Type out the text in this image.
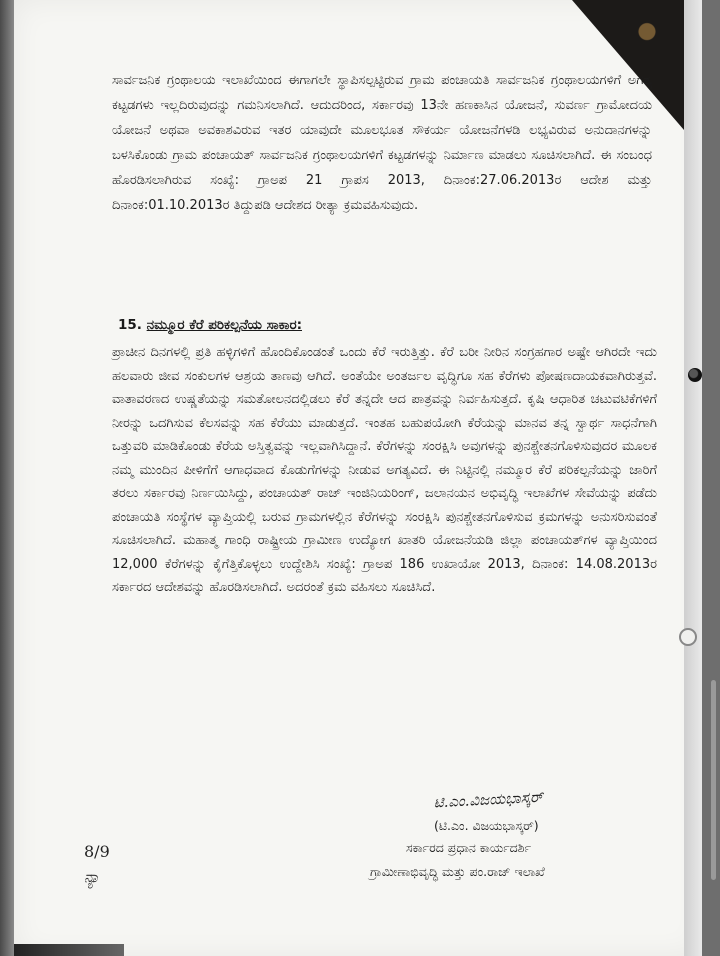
ಸಾರ್ವಜನಿಕ ಗ್ರಂಥಾಲಯ ಇಲಾಖೆಯಿಂದ ಈಗಾಗಲೇ ಸ್ಥಾಪಿಸಲ್ಪಟ್ಟಿರುವ ಗ್ರಾಮ ಪಂಚಾಯತಿ ಸಾರ್ವಜನಿಕ ಗ್ರಂಥಾಲಯಗಳಿಗೆ ಅಗತ್ಯ ಕಟ್ಟಡಗಳು ಇಲ್ಲದಿರುವುದನ್ನು ಗಮನಿಸಲಾಗಿದೆ. ಆದುದರಿಂದ, ಸರ್ಕಾರವು 13ನೇ ಹಣಕಾಸಿನ ಯೋಜನೆ, ಸುವರ್ಣ ಗ್ರಾಮೋದಯ ಯೋಜನೆ ಅಥವಾ ಅವಕಾಶವಿರುವ ಇತರ ಯಾವುದೇ ಮೂಲಭೂತ ಸೌಕರ್ಯ ಯೋಜನೆಗಳಡಿ ಲಭ್ಯವಿರುವ ಅನುದಾನಗಳನ್ನು ಬಳಸಿಕೊಂಡು ಗ್ರಾಮ ಪಂಚಾಯತ್ ಸಾರ್ವಜನಿಕ ಗ್ರಂಥಾಲಯಗಳಿಗೆ ಕಟ್ಟಡಗಳನ್ನು ನಿರ್ಮಾಣ ಮಾಡಲು ಸೂಚಿಸಲಾಗಿದೆ. ಈ ಸಂಬಂಧ ಹೊರಡಿಸಲಾಗಿರುವ ಸಂಖ್ಯೆ: ಗ್ರಾಅಪ 21 ಗ್ರಾಪಸ 2013, ದಿನಾಂಕ:27.06.2013ರ ಆದೇಶ ಮತ್ತು ದಿನಾಂಕ:01.10.2013ರ ತಿದ್ದುಪಡಿ ಆದೇಶದ ರೀತ್ಯಾ ಕ್ರಮವಹಿಸುವುದು.

15. ನಮ್ಮೂರ ಕೆರೆ ಪರಿಕಲ್ಪನೆಯ ಸಾಕಾರ:

ಪ್ರಾಚೀನ ದಿನಗಳಲ್ಲಿ ಪ್ರತಿ ಹಳ್ಳಿಗಳಿಗೆ ಹೊಂದಿಕೊಂಡಂತೆ ಒಂದು ಕೆರೆ ಇರುತ್ತಿತ್ತು. ಕೆರೆ ಬರೀ ನೀರಿನ ಸಂಗ್ರಹಗಾರ ಅಷ್ಟೇ ಆಗಿರದೇ ಇದು ಹಲವಾರು ಜೀವ ಸಂಕುಲಗಳ ಆಶ್ರಯ ತಾಣವು ಆಗಿದೆ. ಅಂತೆಯೇ ಅಂತರ್ಜಲ ವೃದ್ಧಿಗೂ ಸಹ ಕೆರೆಗಳು ಪೋಷಣದಾಯಕವಾಗಿರುತ್ತವೆ. ವಾತಾವರಣದ ಉಷ್ಣತೆಯನ್ನು ಸಮತೋಲನದಲ್ಲಿಡಲು ಕೆರೆ ತನ್ನದೇ ಆದ ಪಾತ್ರವನ್ನು ನಿರ್ವಹಿಸುತ್ತದೆ. ಕೃಷಿ ಆಧಾರಿತ ಚಟುವಟಿಕೆಗಳಿಗೆ ನೀರನ್ನು ಒದಗಿಸುವ ಕೆಲಸವನ್ನು ಸಹ ಕೆರೆಯು ಮಾಡುತ್ತದೆ. ಇಂತಹ ಬಹುಪಯೋಗಿ ಕೆರೆಯನ್ನು ಮಾನವ ತನ್ನ ಸ್ವಾರ್ಥ ಸಾಧನೆಗಾಗಿ ಒತ್ತುವರಿ ಮಾಡಿಕೊಂಡು ಕೆರೆಯ ಅಸ್ತಿತ್ವವನ್ನು ಇಲ್ಲವಾಗಿಸಿದ್ದಾನೆ. ಕೆರೆಗಳನ್ನು ಸಂರಕ್ಷಿಸಿ ಅವುಗಳನ್ನು ಪುನಶ್ಚೇತನಗೊಳಿಸುವುದರ ಮೂಲಕ ನಮ್ಮ ಮುಂದಿನ ಪೀಳಿಗೆಗೆ ಆಗಾಧವಾದ ಕೊಡುಗೆಗಳನ್ನು ನೀಡುವ ಅಗತ್ಯವಿದೆ. ಈ ನಿಟ್ಟಿನಲ್ಲಿ ನಮ್ಮೂರ ಕೆರೆ ಪರಿಕಲ್ಪನೆಯನ್ನು ಜಾರಿಗೆ ತರಲು ಸರ್ಕಾರವು ನಿರ್ಣಯಿಸಿದ್ದು, ಪಂಚಾಯತ್ ರಾಜ್ ಇಂಜಿನಿಯರಿಂಗ್, ಜಲಾನಯನ ಅಭಿವೃದ್ಧಿ ಇಲಾಖೆಗಳ ಸೇವೆಯನ್ನು ಪಡೆದು ಪಂಚಾಯತಿ ಸಂಸ್ಥೆಗಳ ವ್ಯಾಪ್ತಿಯಲ್ಲಿ ಬರುವ ಗ್ರಾಮಗಳಲ್ಲಿನ ಕೆರೆಗಳನ್ನು ಸಂರಕ್ಷಿಸಿ ಪುನಶ್ಚೇತನಗೊಳಿಸುವ ಕ್ರಮಗಳನ್ನು ಅನುಸರಿಸುವಂತೆ ಸೂಚಿಸಲಾಗಿದೆ. ಮಹಾತ್ಮ ಗಾಂಧಿ ರಾಷ್ಟ್ರೀಯ ಗ್ರಾಮೀಣ ಉದ್ಯೋಗ ಖಾತರಿ ಯೋಜನೆಯಡಿ ಜಿಲ್ಲಾ ಪಂಚಾಯತ್‌ಗಳ ವ್ಯಾಪ್ತಿಯಿಂದ 12,000 ಕೆರೆಗಳನ್ನು ಕೈಗೆತ್ತಿಕೊಳ್ಳಲು ಉದ್ದೇಶಿಸಿ ಸಂಖ್ಯೆ: ಗ್ರಾಅಪ 186 ಉಖಾಯೋ 2013, ದಿನಾಂಕ: 14.08.2013ರ ಸರ್ಕಾರದ ಆದೇಶವನ್ನು ಹೊರಡಿಸಲಾಗಿದೆ. ಅದರಂತೆ ಕ್ರಮ ವಹಿಸಲು ಸೂಚಿಸಿದೆ.

ಟಿ.ಎಂ.ವಿಜಯಭಾಸ್ಕರ್
(ಟಿ.ಎಂ. ವಿಜಯಭಾಸ್ಕರ್)
ಸರ್ಕಾರದ ಪ್ರಧಾನ ಕಾರ್ಯದರ್ಶಿ
ಗ್ರಾಮೀಣಾಭಿವೃದ್ಧಿ ಮತ್ತು ಪಂ.ರಾಜ್ ಇಲಾಖೆ
8/9
ನ್ಯಾ
